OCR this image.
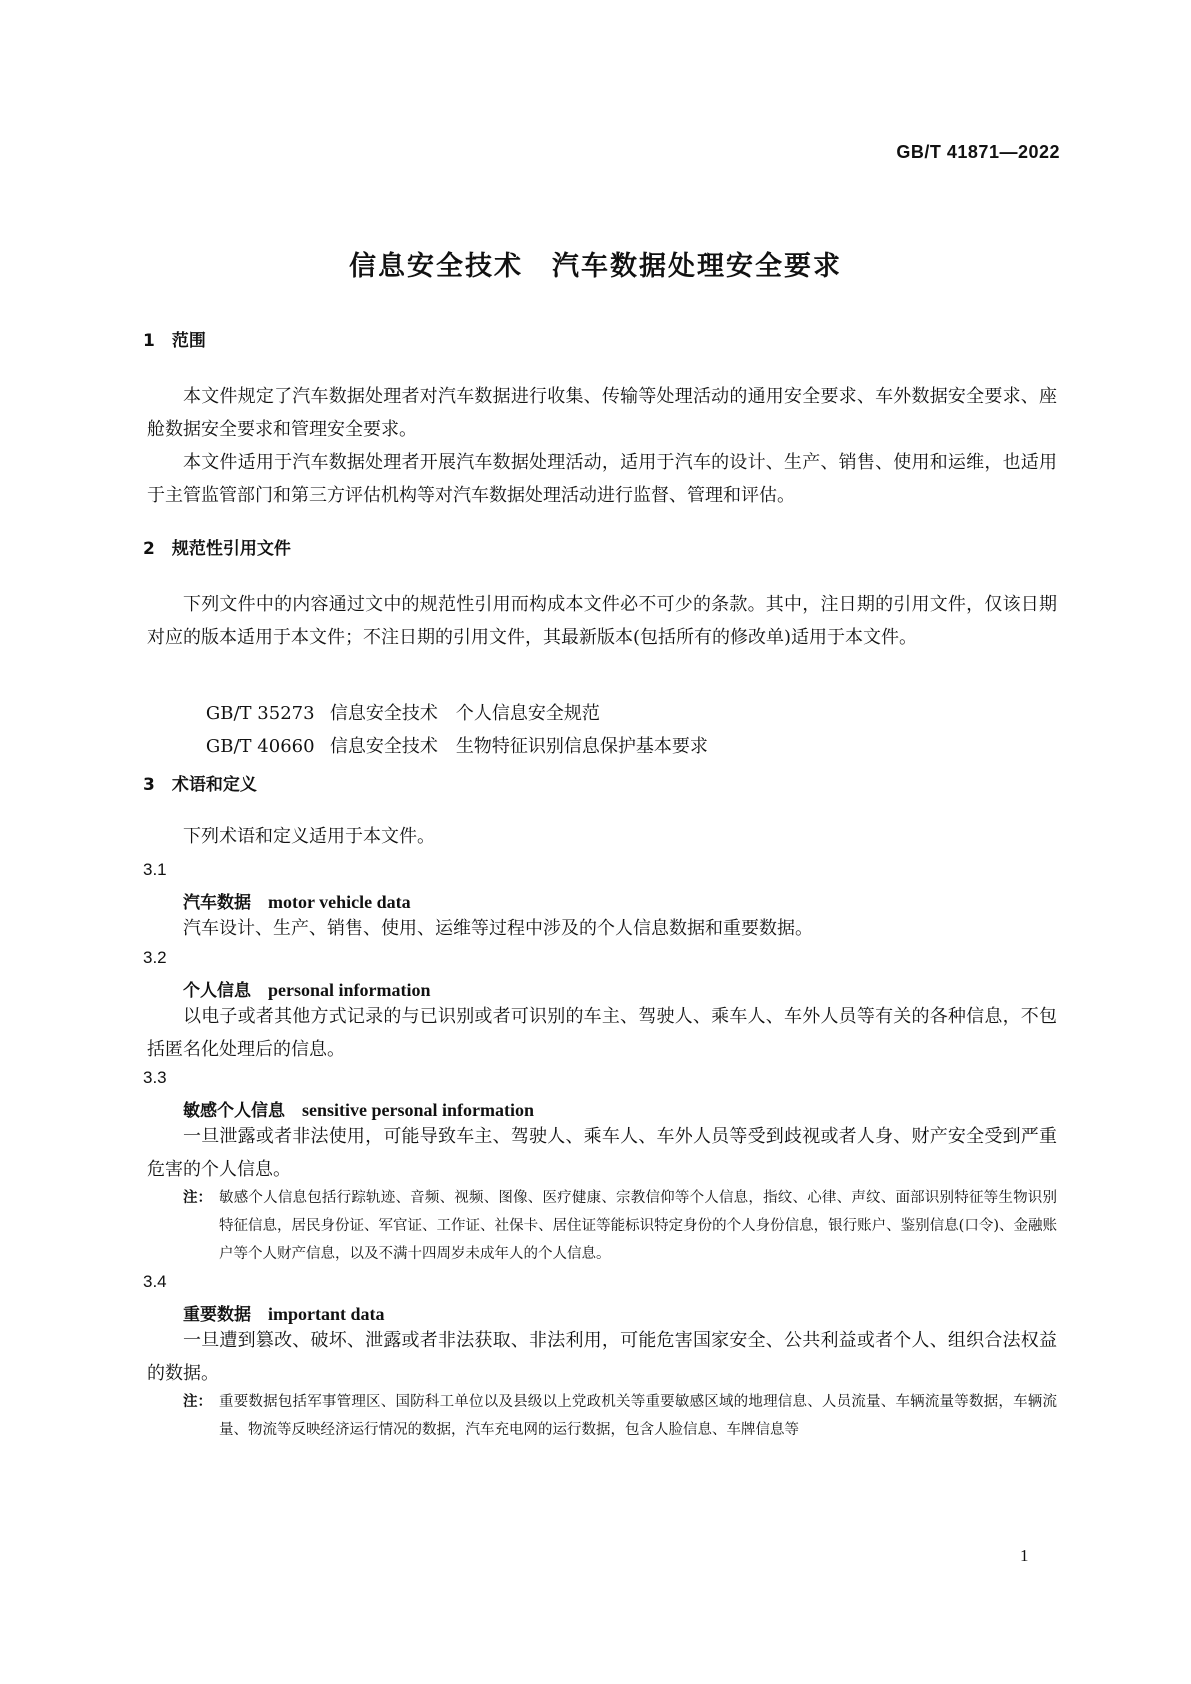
GB/T 41871—2022
信息安全技术　汽车数据处理安全要求
1　范围

本文件规定了汽车数据处理者对汽车数据进行收集、传输等处理活动的通用安全要求、车外数据安全要求、座舱数据安全要求和管理安全要求。

本文件适用于汽车数据处理者开展汽车数据处理活动，适用于汽车的设计、生产、销售、使用和运维，也适用于主管监管部门和第三方评估机构等对汽车数据处理活动进行监督、管理和评估。

2　规范性引用文件

下列文件中的内容通过文中的规范性引用而构成本文件必不可少的条款。其中，注日期的引用文件，仅该日期对应的版本适用于本文件；不注日期的引用文件，其最新版本(包括所有的修改单)适用于本文件。

GB/T 35273 信息安全技术　个人信息安全规范

GB/T 40660 信息安全技术　生物特征识别信息保护基本要求

3　术语和定义

下列术语和定义适用于本文件。

3.1
汽车数据　 motor vehicle data

汽车设计、生产、销售、使用、运维等过程中涉及的个人信息数据和重要数据。

3.2
个人信息　 personal information

以电子或者其他方式记录的与已识别或者可识别的车主、驾驶人、乘车人、车外人员等有关的各种信息，不包括匿名化处理后的信息。

3.3
敏感个人信息　 sensitive personal information

一旦泄露或者非法使用，可能导致车主、驾驶人、乘车人、车外人员等受到歧视或者人身、财产安全受到严重危害的个人信息。

注： 敏感个人信息包括行踪轨迹、音频、视频、图像、医疗健康、宗教信仰等个人信息，指纹、心律、声纹、面部识别特征等生物识别特征信息，居民身份证、军官证、工作证、社保卡、居住证等能标识特定身份的个人身份信息，银行账户、鉴别信息(口令)、金融账户等个人财产信息，以及不满十四周岁未成年人的个人信息。
3.4
重要数据　 important data

一旦遭到篡改、破坏、泄露或者非法获取、非法利用，可能危害国家安全、公共利益或者个人、组织合法权益的数据。

注： 重要数据包括军事管理区、国防科工单位以及县级以上党政机关等重要敏感区域的地理信息、人员流量、车辆流量等数据，车辆流量、物流等反映经济运行情况的数据，汽车充电网的运行数据，包含人脸信息、车牌信息等
1
